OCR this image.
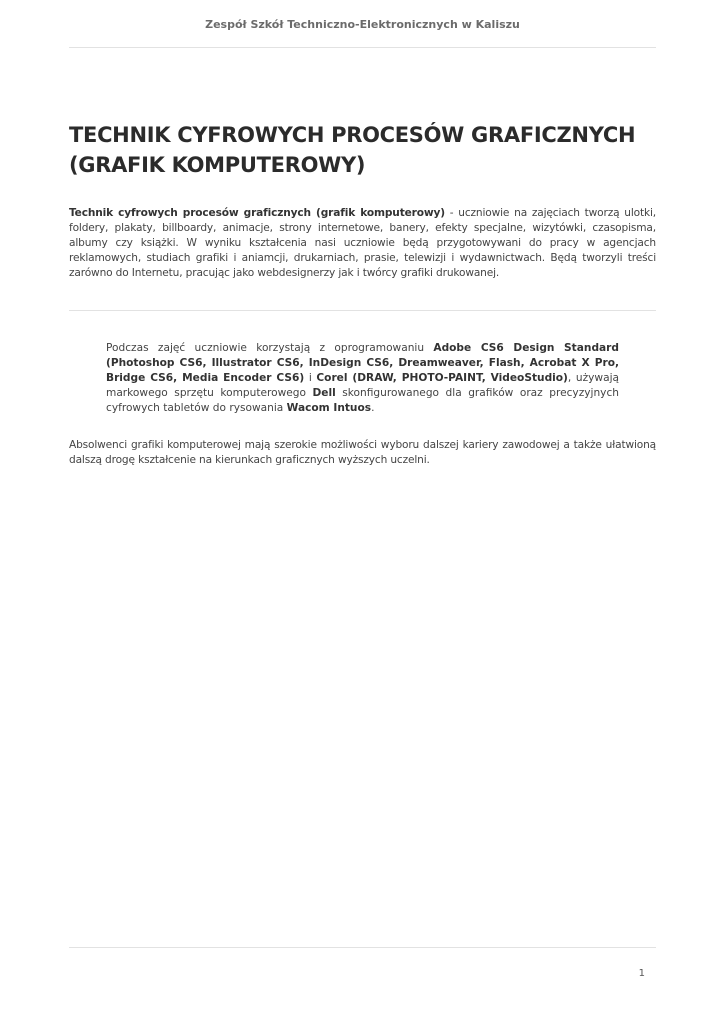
Zespół Szkół Techniczno-Elektronicznych w Kaliszu
TECHNIK CYFROWYCH PROCESÓW GRAFICZNYCH
(GRAFIK KOMPUTEROWY)

Technik cyfrowych procesów graficznych (grafik komputerowy) - uczniowie na zajęciach tworzą ulotki, foldery, plakaty, billboardy, animacje, strony internetowe, banery, efekty specjalne, wizytówki, czasopisma, albumy czy książki. W wyniku kształcenia nasi uczniowie będą przygotowywani do pracy w agencjach reklamowych, studiach grafiki i aniamcji, drukarniach, prasie, telewizji i wydawnictwach. Będą tworzyli treści zarówno do Internetu, pracując jako webdesignerzy jak i twórcy grafiki drukowanej.

Podczas zajęć uczniowie korzystają z oprogramowaniu Adobe CS6 Design Standard (Photoshop CS6, Illustrator CS6, InDesign CS6, Dreamweaver, Flash, Acrobat X Pro, Bridge CS6, Media Encoder CS6) i Corel (DRAW, PHOTO-PAINT, VideoStudio), używają markowego sprzętu komputerowego Dell skonfigurowanego dla grafików oraz precyzyjnych cyfrowych tabletów do rysowania Wacom Intuos.

Absolwenci grafiki komputerowej mają szerokie możliwości wyboru dalszej kariery zawodowej a także ułatwioną dalszą drogę kształcenie na kierunkach graficznych wyższych uczelni.

1
